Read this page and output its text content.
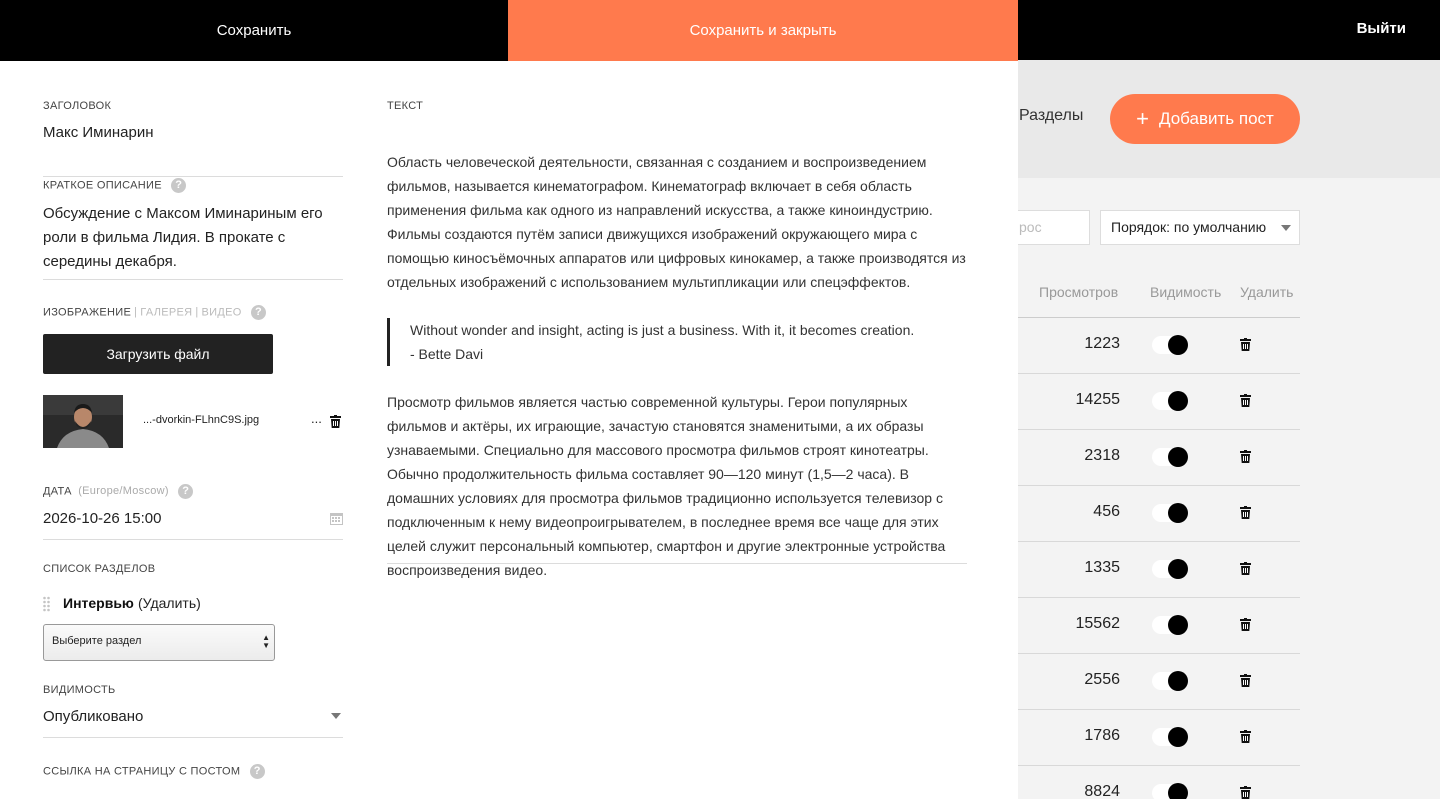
Выйти
Разделы + Добавить пост
рос	Порядок: по умолчанию
Просмотров Видимость Удалить
1223
14255
2318
456
1335
15562
2556
1786
8824
Сохранить	Сохранить и закрыть
ЗАГОЛОВОК
Макс Иминарин
КРАТКОЕ ОПИСАНИЕ ?
Обсуждение с Максом Иминариным его роли в фильма Лидия. В прокате с середины декабря.
ИЗОБРАЖЕНИЕ | ГАЛЕРЕЯ | ВИДЕО ?
Загрузить файл
...-dvorkin-FLhnC9S.jpg	...
ДАТА (Europe/Moscow) ?
2026-10-26 15:00
СПИСОК РАЗДЕЛОВ
Интервью (Удалить)
Выберите раздел	▲
▼
ВИДИМОСТЬ
Опубликовано
ССЫЛКА НА СТРАНИЦУ С ПОСТОМ ?
ТЕКСТ

Область человеческой деятельности, связанная с созданием и воспроизведением фильмов, называется кинематографом. Кинематограф включает в себя область применения фильма как одного из направлений искусства, а также киноиндустрию. Фильмы создаются путём записи движущихся изображений окружающего мира с помощью киносъёмочных аппаратов или цифровых кинокамер, а также производятся из отдельных изображений с использованием мультипликации или спецэффектов.

Without wonder and insight, acting is just a business. With it, it becomes creation.
- Bette Davi

Просмотр фильмов является частью современной культуры. Герои популярных фильмов и актёры, их играющие, зачастую становятся знаменитыми, а их образы узнаваемыми. Специально для массового просмотра фильмов строят кинотеатры. Обычно продолжительность фильма составляет 90—120 минут (1,5—2 часа). В домашних условиях для просмотра фильмов традиционно используется телевизор с подключенным к нему видеопроигрывателем, в последнее время все чаще для этих целей служит персональный компьютер, смартфон и другие электронные устройства воспроизведения видео.
